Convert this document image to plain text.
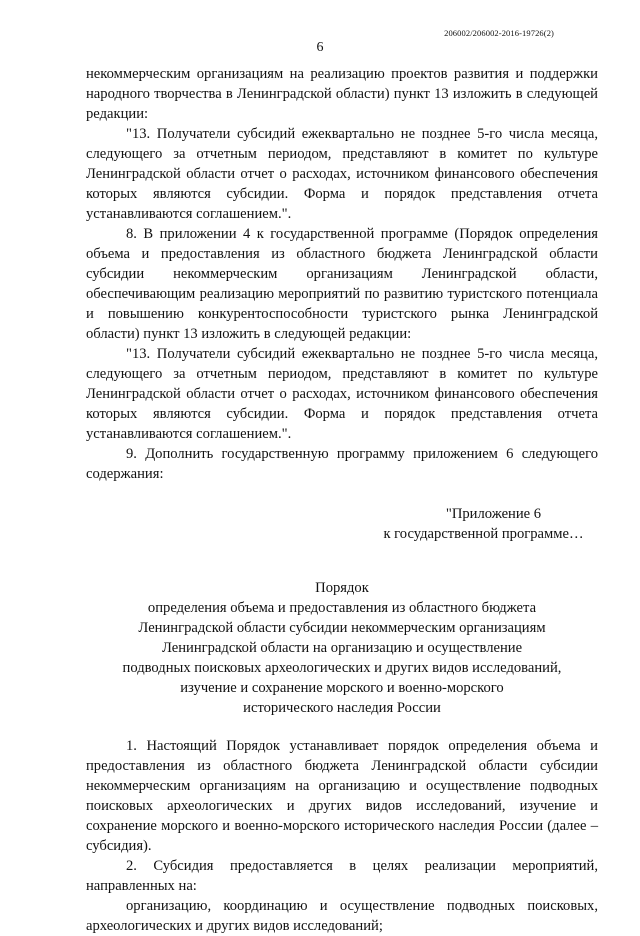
206002/206002-2016-19726(2)
6

некоммерческим организациям на реализацию проектов развития и поддержки народного творчества в Ленинградской области) пункт 13 изложить в следующей редакции:

"13. Получатели субсидий ежеквартально не позднее 5-го числа месяца, следующего за отчетным периодом, представляют в комитет по культуре Ленинградской области отчет о расходах, источником финансового обеспечения которых являются субсидии. Форма и порядок представления отчета устанавливаются соглашением.".

8. В приложении 4 к государственной программе (Порядок определения объема и предоставления из областного бюджета Ленинградской области субсидии некоммерческим организациям Ленинградской области, обеспечивающим реализацию мероприятий по развитию туристского потенциала и повышению конкурентоспособности туристского рынка Ленинградской области) пункт 13 изложить в следующей редакции:

"13. Получатели субсидий ежеквартально не позднее 5-го числа месяца, следующего за отчетным периодом, представляют в комитет по культуре Ленинградской области отчет о расходах, источником финансового обеспечения которых являются субсидии. Форма и порядок представления отчета устанавливаются соглашением.".

9. Дополнить государственную программу приложением 6 следующего содержания:

"Приложение 6
к государственной программе…
Порядок
определения объема и предоставления из областного бюджета
Ленинградской области субсидии некоммерческим организациям
Ленинградской области на организацию и осуществление
подводных поисковых археологических и других видов исследований,
изучение и сохранение морского и военно-морского
исторического наследия России

1. Настоящий Порядок устанавливает порядок определения объема и предоставления из областного бюджета Ленинградской области субсидии некоммерческим организациям на организацию и осуществление подводных поисковых археологических и других видов исследований, изучение и сохранение морского и военно-морского исторического наследия России (далее – субсидия).

2. Субсидия предоставляется в целях реализации мероприятий, направленных на:

организацию, координацию и осуществление подводных поисковых, археологических и других видов исследований;
